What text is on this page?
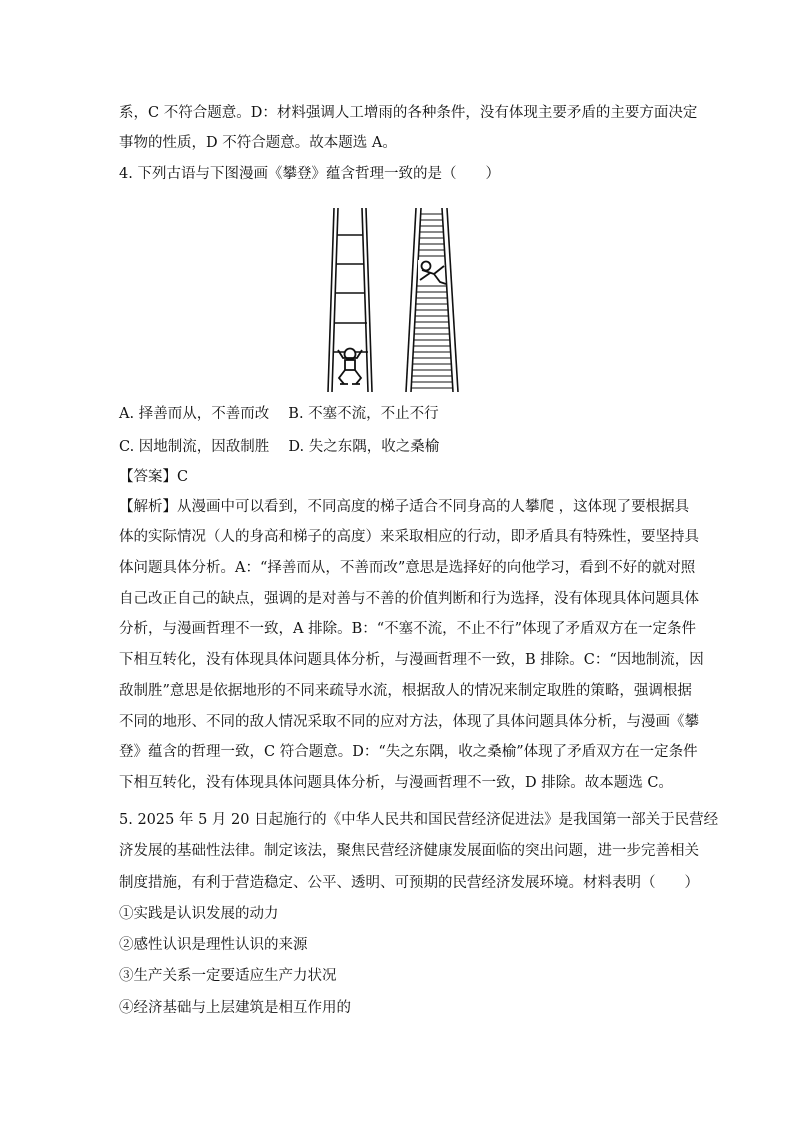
系，C 不符合题意。D：材料强调人工增雨的各种条件，没有体现主要矛盾的主要方面决定
事物的性质，D 不符合题意。故本题选 A。
4. 下列古语与下图漫画《攀登》蕴含哲理一致的是（　　）
A. 择善而从，不善而改　 B. 不塞不流，不止不行
C. 因地制流，因敌制胜　 D. 失之东隅，收之桑榆
【答案】C
【解析】从漫画中可以看到，不同高度的梯子适合不同身高的人攀爬 ，这体现了要根据具
体的实际情况（人的身高和梯子的高度）来采取相应的行动，即矛盾具有特殊性，要坚持具
体问题具体分析。A：“择善而从，不善而改”意思是选择好的向他学习，看到不好的就对照
自己改正自己的缺点，强调的是对善与不善的价值判断和行为选择，没有体现具体问题具体
分析，与漫画哲理不一致，A 排除。B：“不塞不流，不止不行”体现了矛盾双方在一定条件
下相互转化，没有体现具体问题具体分析，与漫画哲理不一致，B 排除。C：“因地制流，因
敌制胜”意思是依据地形的不同来疏导水流，根据敌人的情况来制定取胜的策略，强调根据
不同的地形、不同的敌人情况采取不同的应对方法，体现了具体问题具体分析，与漫画《攀
登》蕴含的哲理一致，C 符合题意。D：“失之东隅，收之桑榆”体现了矛盾双方在一定条件
下相互转化，没有体现具体问题具体分析，与漫画哲理不一致，D 排除。故本题选 C。
5. 2025 年 5 月 20 日起施行的《中华人民共和国民营经济促进法》是我国第一部关于民营经
济发展的基础性法律。制定该法，聚焦民营经济健康发展面临的突出问题，进一步完善相关
制度措施，有利于营造稳定、公平、透明、可预期的民营经济发展环境。材料表明（　　）
①实践是认识发展的动力
②感性认识是理性认识的来源
③生产关系一定要适应生产力状况
④经济基础与上层建筑是相互作用的
